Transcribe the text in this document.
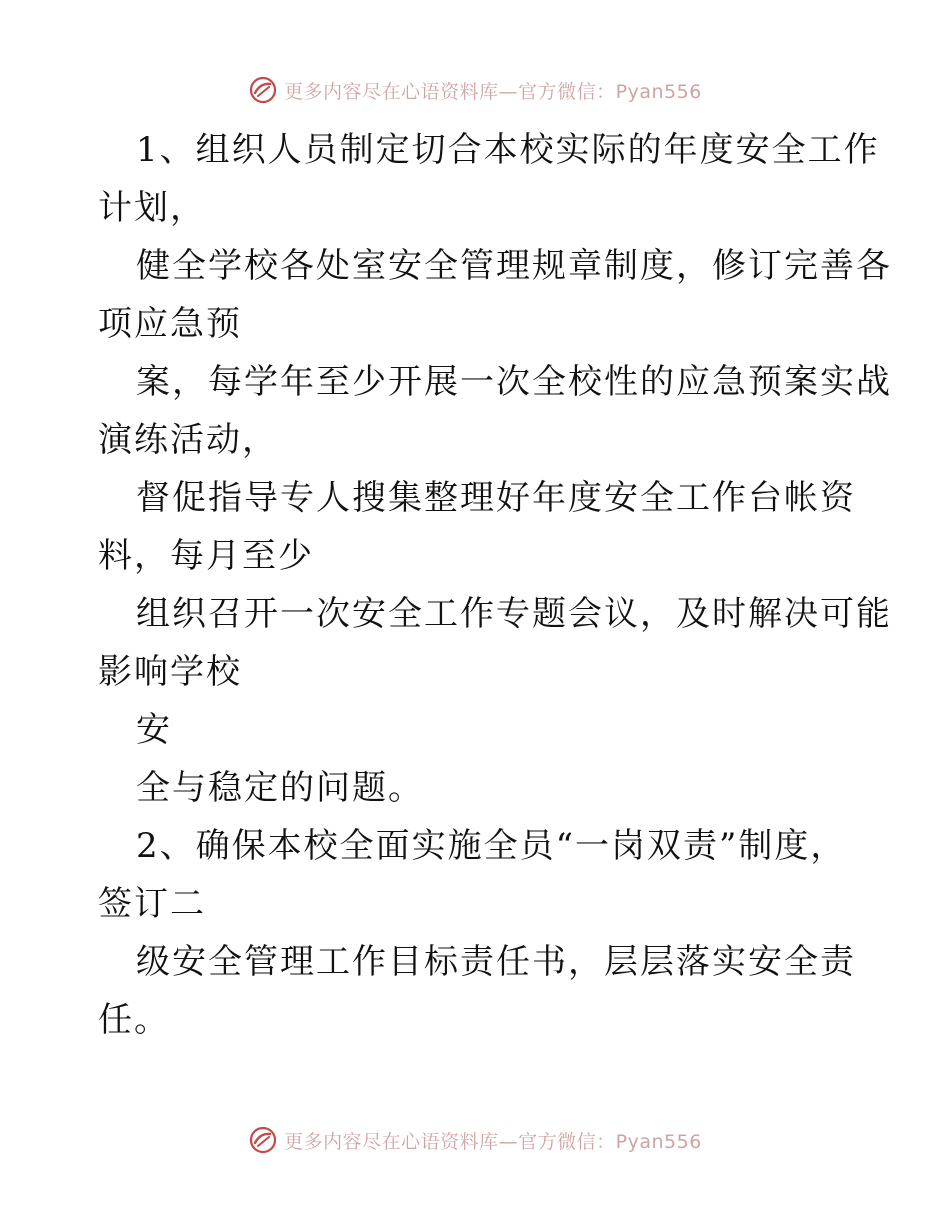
更多内容尽在心语资料库—官方微信：Pyan556
1、组织人员制定切合本校实际的年度安全工作
计划，
健全学校各处室安全管理规章制度，修订完善各
项应急预
案，每学年至少开展一次全校性的应急预案实战
演练活动，
督促指导专人搜集整理好年度安全工作台帐资
料，每月至少
组织召开一次安全工作专题会议，及时解决可能
影响学校
安
全与稳定的问题。
2、确保本校全面实施全员“一岗双责”制度，
签订二
级安全管理工作目标责任书，层层落实安全责
任。
更多内容尽在心语资料库—官方微信：Pyan556
